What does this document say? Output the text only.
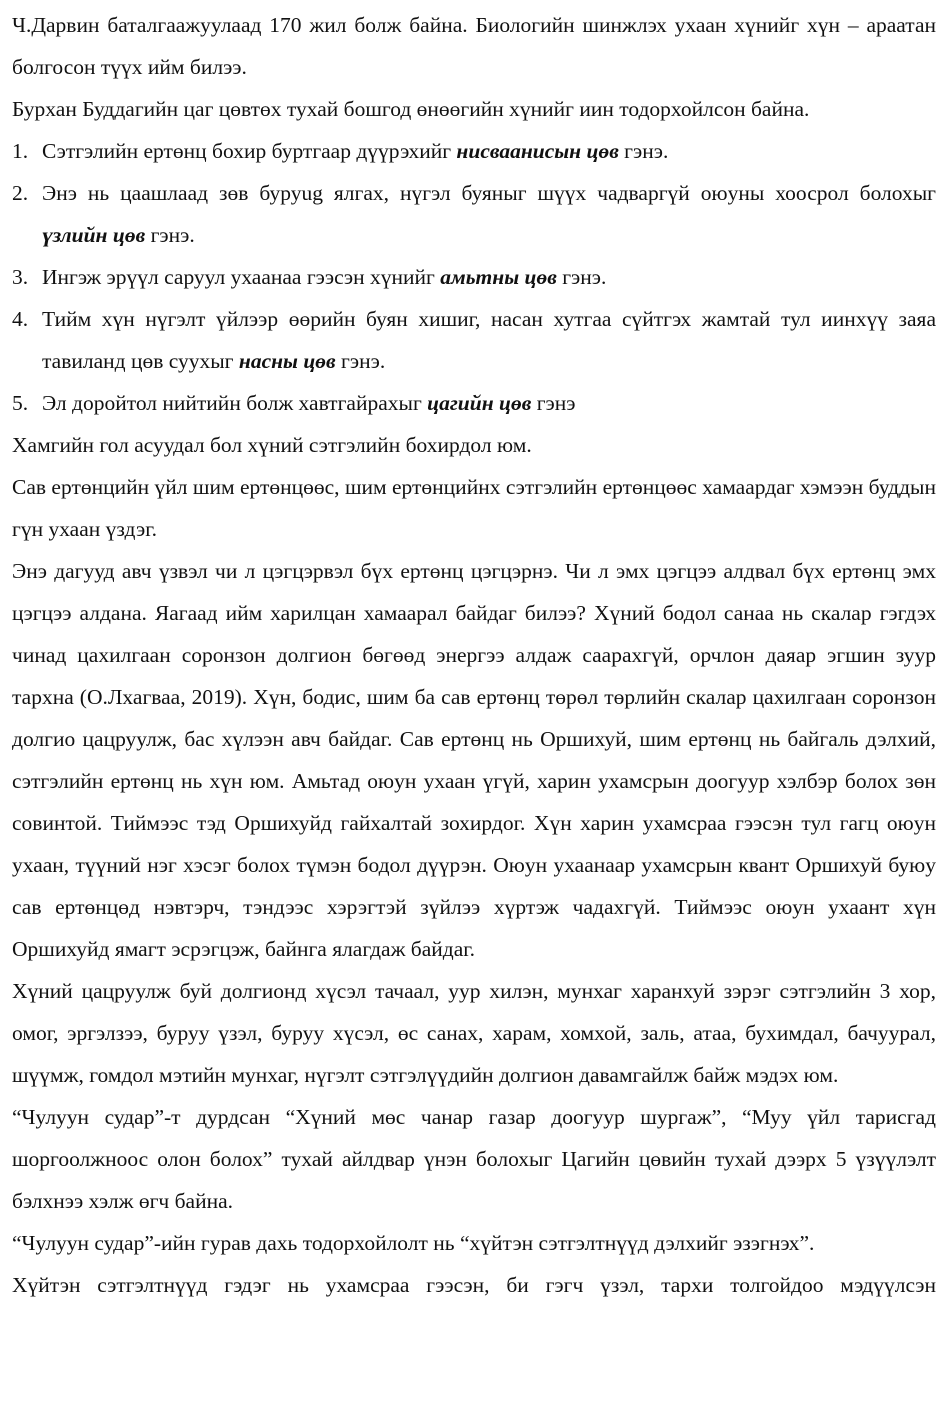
Ч.Дарвин баталгаажуулаад 170 жил болж байна. Биологийн шинжлэх ухаан хүнийг хүн – араатан болгосон түүх ийм билээ.

Бурхан Буддагийн цаг цөвтөх тухай бошгод өнөөгийн хүнийг иин тодорхойлсон байна.

1. Сэтгэлийн ертөнц бохир буртгаар дүүрэхийг нисваанисын цөв гэнэ.
2. Энэ нь цаашлаад зөв буруug ялгах, нүгэл буяныг шүүх чадваргүй оюуны хоосрол болохыг үзлийн цөв гэнэ.
3. Ингэж эрүүл саруул ухаанаа гээсэн хүнийг амьтны цөв гэнэ.
4. Тийм хүн нүгэлт үйлээр өөрийн буян хишиг, насан хутгаа сүйтгэх жамтай тул иинхүү заяа тавиланд цөв суухыг насны цөв гэнэ.
5. Эл доройтол нийтийн болж хавтгайрахыг цагийн цөв гэнэ

Хамгийн гол асуудал бол хүний сэтгэлийн бохирдол юм.

Сав ертөнцийн үйл шим ертөнцөөс, шим ертөнцийнх сэтгэлийн ертөнцөөс хамаардаг хэмээн буддын гүн ухаан үздэг.

Энэ дагууд авч үзвэл чи л цэгцэрвэл бүх ертөнц цэгцэрнэ. Чи л эмх цэгцээ алдвал бүх ертөнц эмх цэгцээ алдана. Яагаад ийм харилцан хамаарал байдаг билээ? Хүний бодол санаа нь скалар гэгдэх чинад цахилгаан соронзон долгион бөгөөд энергээ алдаж саарахгүй, орчлон даяар эгшин зуур тархна (О.Лхагваа, 2019). Хүн, бодис, шим ба сав ертөнц төрөл төрлийн скалар цахилгаан соронзон долгио цацруулж, бас хүлээн авч байдаг. Сав ертөнц нь Оршихуй, шим ертөнц нь байгаль дэлхий, сэтгэлийн ертөнц нь хүн юм. Амьтад оюун ухаан үгүй, харин ухамсрын доогуур хэлбэр болох зөн совинтой. Тиймээс тэд Оршихуйд гайхалтай зохирдог. Хүн харин ухамсраа гээсэн тул гагц оюун ухаан, түүний нэг хэсэг болох түмэн бодол дүүрэн. Оюун ухаанаар ухамсрын квант Оршихуй буюу сав ертөнцөд нэвтэрч, тэндээс хэрэгтэй зүйлээ хүртэж чадахгүй. Тиймээс оюун ухаант хүн Оршихуйд ямагт эсрэгцэж, байнга ялагдаж байдаг.

Хүний цацруулж буй долгионд хүсэл тачаал, уур хилэн, мунхаг харанхуй зэрэг сэтгэлийн 3 хор, омог, эргэлзээ, буруу үзэл, буруу хүсэл, өс санах, харам, хомхой, заль, атаа, бухимдал, бачуурал, шүүмж, гомдол мэтийн мунхаг, нүгэлт сэтгэлүүдийн долгион давамгайлж байж мэдэх юм.

“Чулуун судар”-т дурдсан “Хүний мөс чанар газар доогуур шургаж”, “Муу үйл тарисгад шоргоолжноос олон болох” тухай айлдвар үнэн болохыг Цагийн цөвийн тухай дээрх 5 үзүүлэлт бэлхнээ хэлж өгч байна.

“Чулуун судар”-ийн гурав дахь тодорхойлолт нь “хүйтэн сэтгэлтнүүд дэлхийг эзэгнэх”.

Хүйтэн сэтгэлтнүүд гэдэг нь ухамсраа гээсэн, би гэгч үзэл, тархи толгойдоо мэдүүлсэн
